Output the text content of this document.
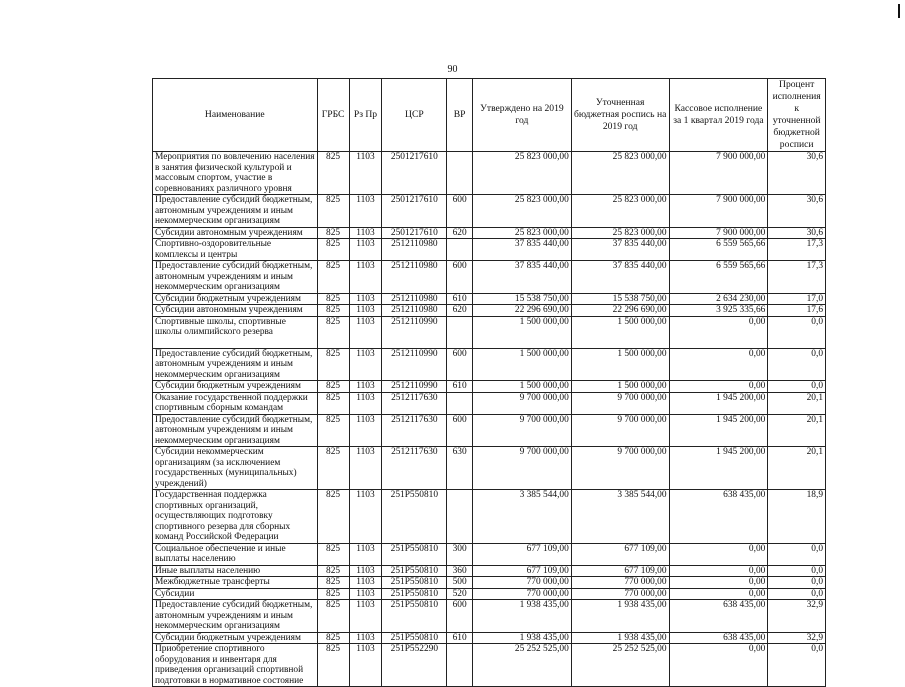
90
Наименование	ГРБС	Рз Пр	ЦСР	ВР	Утверждено на 2019 год	Уточненная бюджетная роспись на 2019 год	Кассовое исполнение за 1 квартал 2019 года	Процент исполнения к уточненной бюджетной росписи
Мероприятия по вовлечению населения в занятия физической культурой и массовым спортом, участие в соревнованиях различного уровня	825	1103	2501217610		25 823 000,00	25 823 000,00	7 900 000,00	30,6
Предоставление субсидий бюджетным, автономным учреждениям и иным некоммерческим организациям	825	1103	2501217610	600	25 823 000,00	25 823 000,00	7 900 000,00	30,6
Субсидии автономным учреждениям	825	1103	2501217610	620	25 823 000,00	25 823 000,00	7 900 000,00	30,6
Спортивно-оздоровительные комплексы и центры	825	1103	2512110980		37 835 440,00	37 835 440,00	6 559 565,66	17,3
Предоставление субсидий бюджетным, автономным учреждениям и иным некоммерческим организациям	825	1103	2512110980	600	37 835 440,00	37 835 440,00	6 559 565,66	17,3
Субсидии бюджетным учреждениям	825	1103	2512110980	610	15 538 750,00	15 538 750,00	2 634 230,00	17,0
Субсидии автономным учреждениям	825	1103	2512110980	620	22 296 690,00	22 296 690,00	3 925 335,66	17,6
Спортивные школы, спортивные школы олимпийского резерва	825	1103	2512110990		1 500 000,00	1 500 000,00	0,00	0,0
Предоставление субсидий бюджетным, автономным учреждениям и иным некоммерческим организациям	825	1103	2512110990	600	1 500 000,00	1 500 000,00	0,00	0,0
Субсидии бюджетным учреждениям	825	1103	2512110990	610	1 500 000,00	1 500 000,00	0,00	0,0
Оказание государственной поддержки спортивным сборным командам	825	1103	2512117630		9 700 000,00	9 700 000,00	1 945 200,00	20,1
Предоставление субсидий бюджетным, автономным учреждениям и иным некоммерческим организациям	825	1103	2512117630	600	9 700 000,00	9 700 000,00	1 945 200,00	20,1
Субсидии некоммерческим организациям (за исключением государственных (муниципальных) учреждений)	825	1103	2512117630	630	9 700 000,00	9 700 000,00	1 945 200,00	20,1
Государственная поддержка спортивных организаций, осуществляющих подготовку спортивного резерва для сборных команд Российской Федерации	825	1103	251P550810		3 385 544,00	3 385 544,00	638 435,00	18,9
Социальное обеспечение и иные выплаты населению	825	1103	251P550810	300	677 109,00	677 109,00	0,00	0,0
Иные выплаты населению	825	1103	251P550810	360	677 109,00	677 109,00	0,00	0,0
Межбюджетные трансферты	825	1103	251P550810	500	770 000,00	770 000,00	0,00	0,0
Субсидии	825	1103	251P550810	520	770 000,00	770 000,00	0,00	0,0
Предоставление субсидий бюджетным, автономным учреждениям и иным некоммерческим организациям	825	1103	251P550810	600	1 938 435,00	1 938 435,00	638 435,00	32,9
Субсидии бюджетным учреждениям	825	1103	251P550810	610	1 938 435,00	1 938 435,00	638 435,00	32,9
Приобретение спортивного оборудования и инвентаря для приведения организаций спортивной подготовки в нормативное состояние	825	1103	251P552290		25 252 525,00	25 252 525,00	0,00	0,0
